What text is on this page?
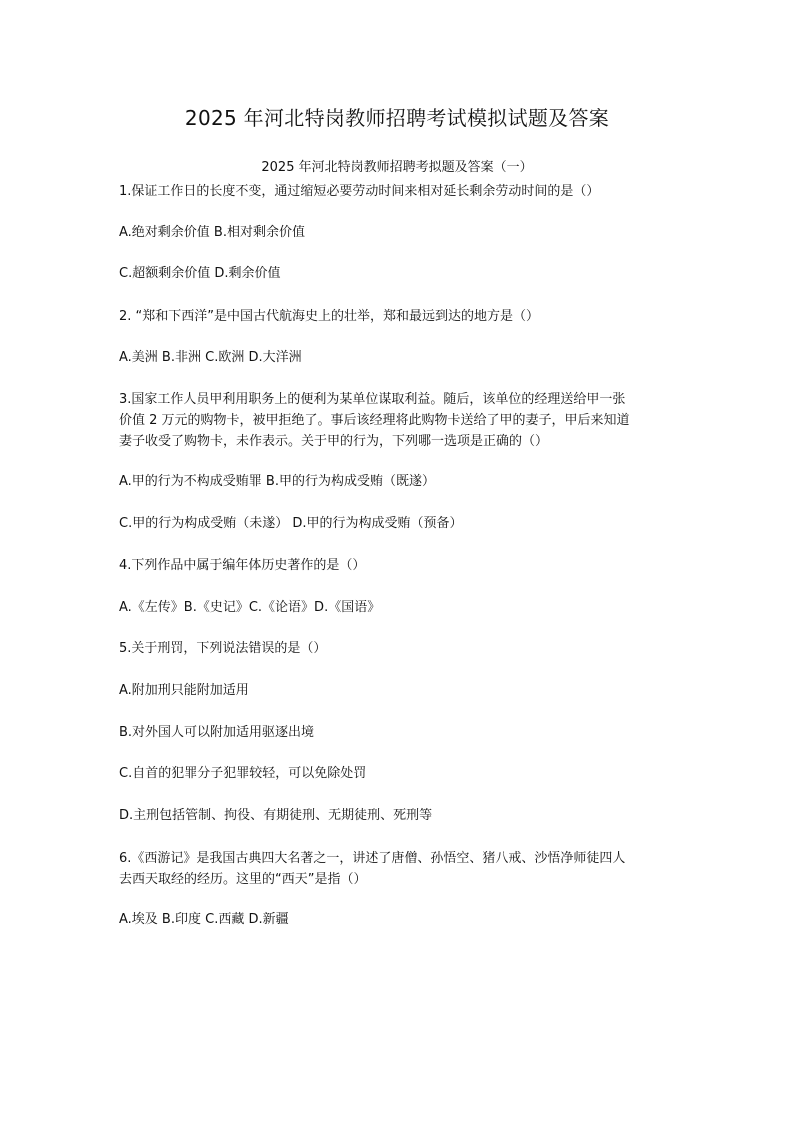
2025 年河北特岗教师招聘考试模拟试题及答案
2025 年河北特岗教师招聘考拟题及答案（一）
1.保证工作日的长度不变，通过缩短必要劳动时间来相对延长剩余劳动时间的是（）
A.绝对剩余价值 B.相对剩余价值
C.超额剩余价值 D.剩余价值
2. “郑和下西洋”是中国古代航海史上的壮举，郑和最远到达的地方是（）
A.美洲 B.非洲 C.欧洲 D.大洋洲
3.国家工作人员甲利用职务上的便利为某单位谋取利益。随后，该单位的经理送给甲一张
价值 2 万元的购物卡，被甲拒绝了。事后该经理将此购物卡送给了甲的妻子，甲后来知道
妻子收受了购物卡，未作表示。关于甲的行为，下列哪一选项是正确的（）
A.甲的行为不构成受贿罪 B.甲的行为构成受贿（既遂）
C.甲的行为构成受贿（未遂） D.甲的行为构成受贿（预备）
4.下列作品中属于编年体历史著作的是（）
A.《左传》B.《史记》C.《论语》D.《国语》
5.关于刑罚，下列说法错误的是（）
A.附加刑只能附加适用
B.对外国人可以附加适用驱逐出境
C.自首的犯罪分子犯罪较轻，可以免除处罚
D.主刑包括管制、拘役、有期徒刑、无期徒刑、死刑等
6.《西游记》是我国古典四大名著之一，讲述了唐僧、孙悟空、猪八戒、沙悟净师徒四人
去西天取经的经历。这里的“西天”是指（）
A.埃及 B.印度 C.西藏 D.新疆
